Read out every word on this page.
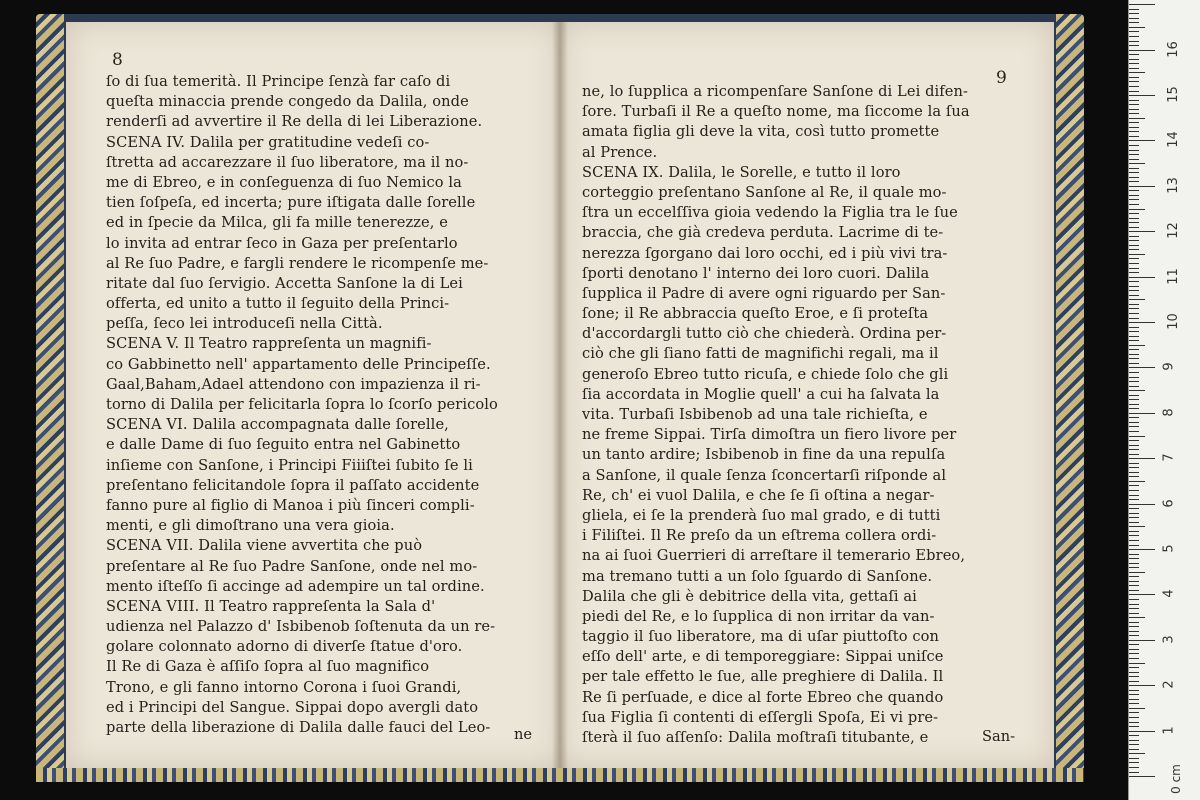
8
ſo di ſua temerità. Il Principe ſenzà far caſo di
queſta minaccia prende congedo da Dalila, onde
renderſi ad avvertire il Re della di lei Liberazione.
SCENA IV. Dalila per gratitudine vedeſi co-
ſtretta ad accarezzare il ſuo liberatore, ma il no-
me di Ebreo, e in conſeguenza di ſuo Nemico la
tien ſoſpeſa, ed incerta; pure iſtigata dalle ſorelle
ed in ſpecie da Milca, gli fa mille tenerezze, e
lo invita ad entrar ſeco in Gaza per preſentarlo
al Re ſuo Padre, e fargli rendere le ricompenſe me-
ritate dal ſuo ſervigio. Accetta Sanſone la di Lei
offerta, ed unito a tutto il ſeguito della Princi-
peſſa, ſeco lei introduceſi nella Città.
SCENA V. Il Teatro rappreſenta un magnifi-
co Gabbinetto nell' appartamento delle Principeſſe.
Gaal,Baham,Adael attendono con impazienza il ri-
torno di Dalila per felicitarla ſopra lo ſcorſo pericolo
SCENA VI. Dalila accompagnata dalle ſorelle,
e dalle Dame di ſuo ſeguito entra nel Gabinetto
inſieme con Sanſone, i Principi Fiiiſtei ſubito ſe li
preſentano felicitandole ſopra il paſſato accidente
fanno pure al figlio di Manoa i più ſinceri compli-
menti, e gli dimoſtrano una vera gioia.
SCENA VII. Dalila viene avvertita che può
preſentare al Re ſuo Padre Sanſone, onde nel mo-
mento iſteſſo ſi accinge ad adempire un tal ordine.
SCENA VIII. Il Teatro rappreſenta la Sala d'
udienza nel Palazzo d' Isbibenob ſoſtenuta da un re-
golare colonnato adorno di diverſe ſtatue d'oro.
Il Re di Gaza è aſſiſo ſopra al ſuo magnifico
Trono, e gli fanno intorno Corona i ſuoi Grandi,
ed i Principi del Sangue. Sippai dopo avergli dato
parte della liberazione di Dalila dalle fauci del Leo-	ne
9
ne, lo ſupplica a ricompenſare Sanſone di Lei difen-
ſore. Turbaſi il Re a queſto nome, ma ſiccome la ſua
amata figlia gli deve la vita, così tutto promette
al Prence.
SCENA IX. Dalila, le Sorelle, e tutto il loro
corteggio preſentano Sanſone al Re, il quale mo-
ſtra un eccelſſiva gioia vedendo la Figlia tra le ſue
braccia, che già credeva perduta. Lacrime di te-
nerezza ſgorgano dai loro occhi, ed i più vivi tra-
ſporti denotano l' interno dei loro cuori. Dalila
ſupplica il Padre di avere ogni riguardo per San-
ſone; il Re abbraccia queſto Eroe, e ſi proteſta
d'accordargli tutto ciò che chiederà. Ordina per-
ciò che gli ſiano fatti de magnifichi regali, ma il
generoſo Ebreo tutto ricuſa, e chiede ſolo che gli
ſia accordata in Moglie quell' a cui ha ſalvata la
vita. Turbaſi Isbibenob ad una tale richieſta, e
ne freme Sippai. Tirſa dimoſtra un fiero livore per
un tanto ardire; Isbibenob in fine da una repulſa
a Sanſone, il quale ſenza ſconcertarſi riſponde al
Re, ch' ei vuol Dalila, e che ſe ſi oſtina a negar-
gliela, ei ſe la prenderà ſuo mal grado, e di tutti
i Filiſtei. Il Re preſo da un eſtrema collera ordi-
na ai ſuoi Guerrieri di arreſtare il temerario Ebreo,
ma tremano tutti a un ſolo ſguardo di Sanſone.
Dalila che gli è debitrice della vita, gettaſi ai
piedi del Re, e lo ſupplica di non irritar da van-
taggio il ſuo liberatore, ma di uſar piuttoſto con
eſſo dell' arte, e di temporeggiare: Sippai uniſce
per tale effetto le ſue, alle preghiere di Dalila. Il
Re ſi perſuade, e dice al forte Ebreo che quando
ſua Figlia ſi contenti di eſſergli Spoſa, Ei vi pre-
ſterà il ſuo aſſenſo: Dalila moſtraſi titubante, e	San-
0 cm
1
2
3
4
5
6
7
8
9
10
11
12
13
14
15
16
